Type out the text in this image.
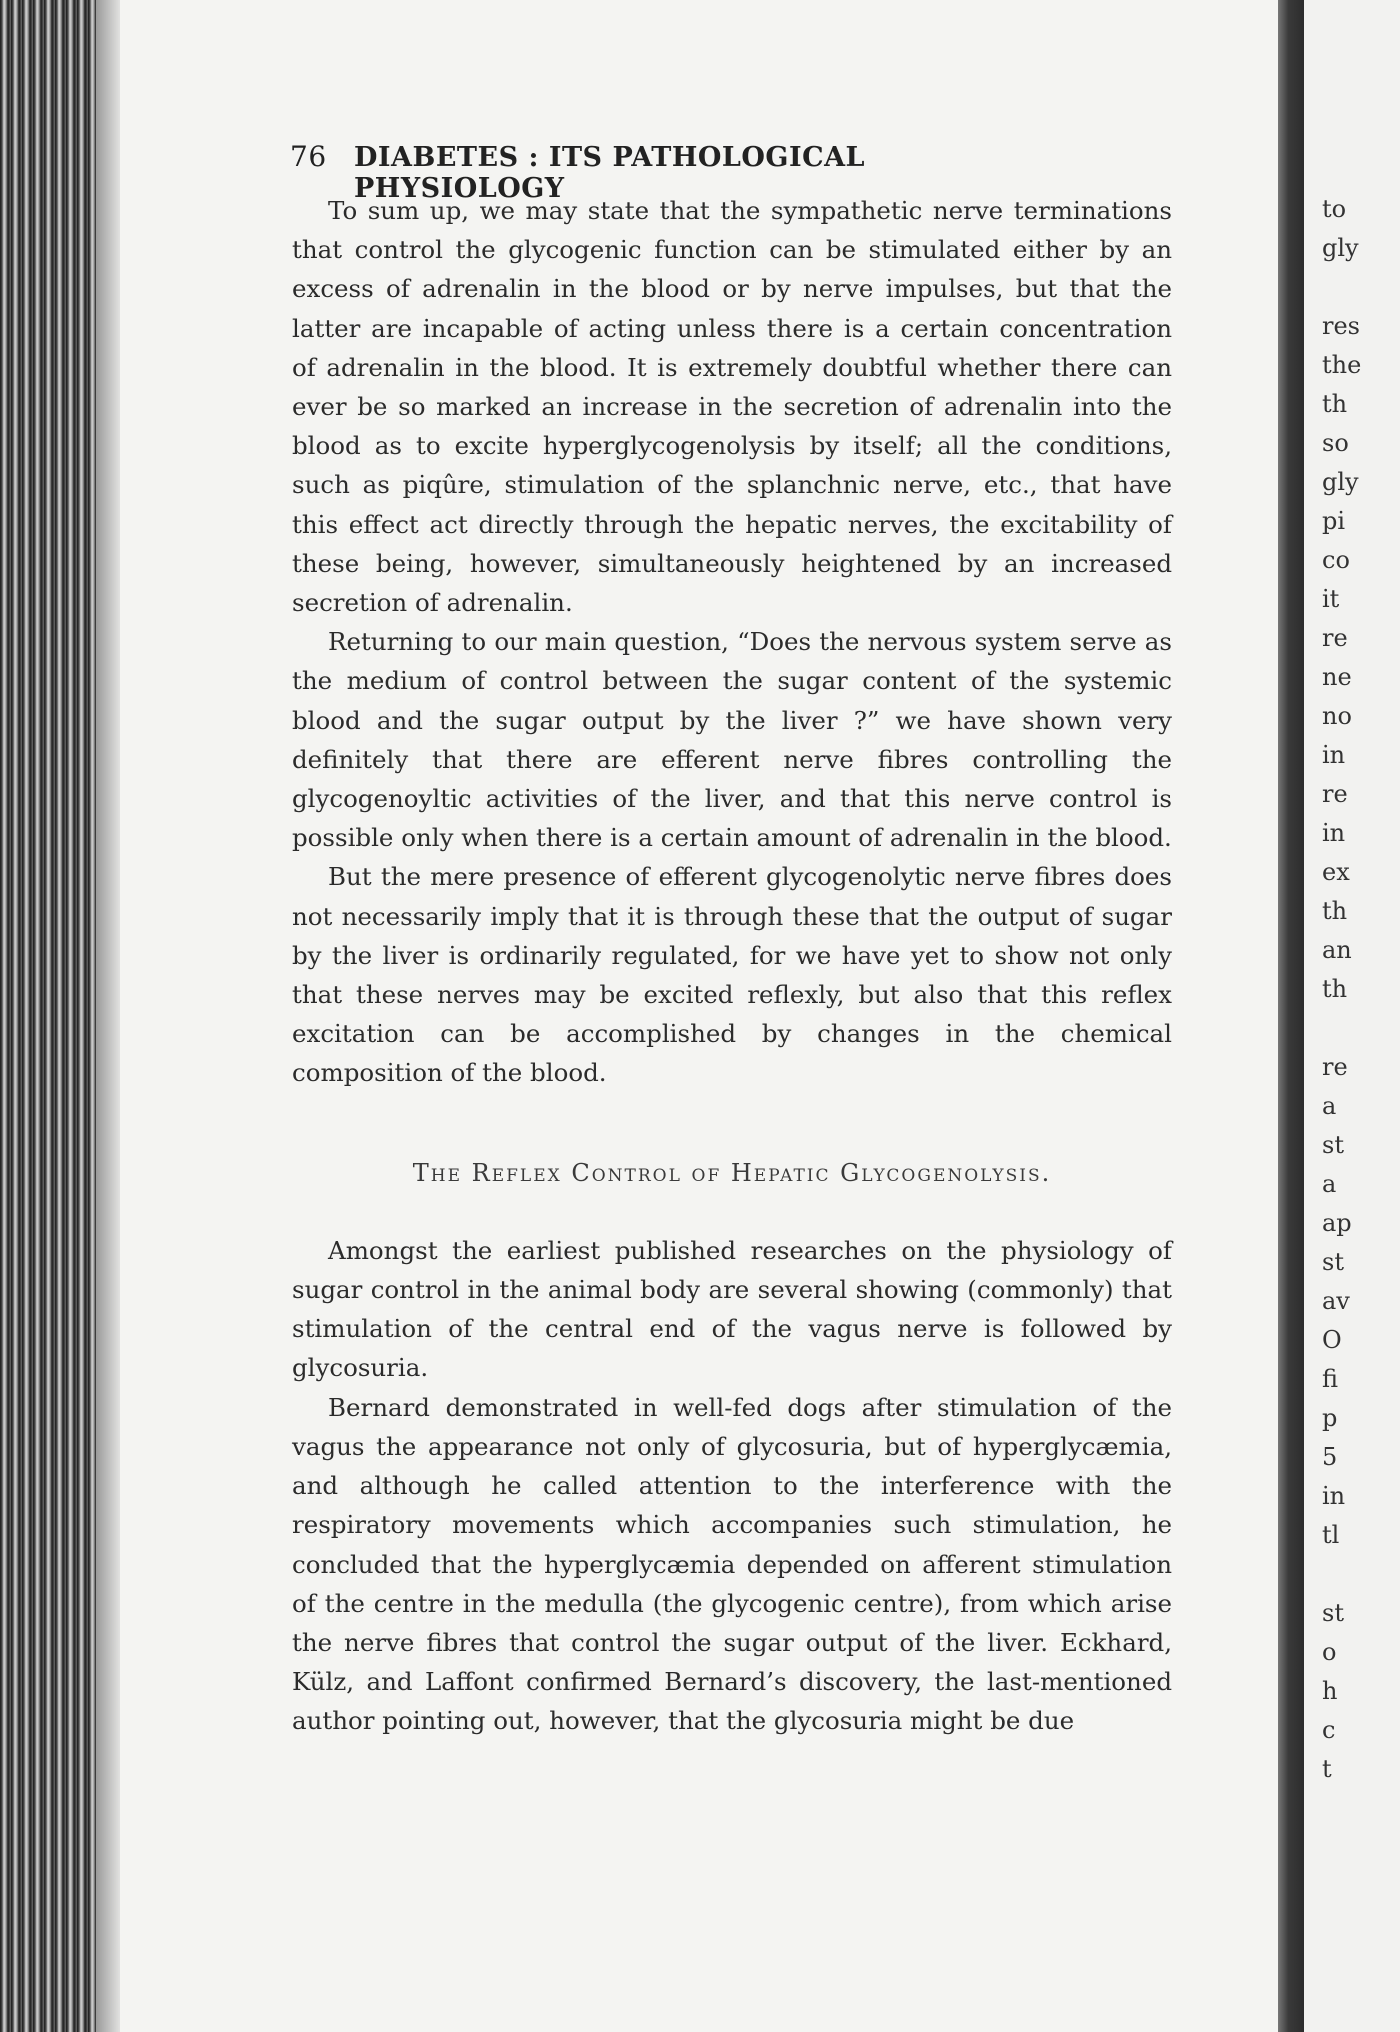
76	DIABETES : ITS PATHOLOGICAL PHYSIOLOGY

To sum up, we may state that the sympathetic nerve terminations that control the glycogenic function can be stimulated either by an excess of adrenalin in the blood or by nerve impulses, but that the latter are incapable of acting unless there is a certain concentration of adrenalin in the blood. It is extremely doubtful whether there can ever be so marked an increase in the secretion of adrenalin into the blood as to excite hyperglycogenolysis by itself; all the conditions, such as piqûre, stimulation of the splanchnic nerve, etc., that have this effect act directly through the hepatic nerves, the excitability of these being, however, simultaneously heightened by an increased secretion of adrenalin.

Returning to our main question, “Does the nervous system serve as the medium of control between the sugar content of the systemic blood and the sugar output by the liver ?” we have shown very definitely that there are efferent nerve fibres controlling the glycogenoyltic activities of the liver, and that this nerve control is possible only when there is a certain amount of adrenalin in the blood.

But the mere presence of efferent glycogenolytic nerve fibres does not necessarily imply that it is through these that the output of sugar by the liver is ordinarily regulated, for we have yet to show not only that these nerves may be excited reflexly, but also that this reflex excitation can be accomplished by changes in the chemical composition of the blood.

The Reflex Control of Hepatic Glycogenolysis.

Amongst the earliest published researches on the physiology of sugar control in the animal body are several showing (commonly) that stimulation of the central end of the vagus nerve is followed by glycosuria.

Bernard demonstrated in well-fed dogs after stimulation of the vagus the appearance not only of glycosuria, but of hyperglycæmia, and although he called attention to the interference with the respiratory movements which accompanies such stimulation, he concluded that the hyperglycæmia depended on afferent stimulation of the centre in the medulla (the glycogenic centre), from which arise the nerve fibres that control the sugar output of the liver. Eckhard, Külz, and Laffont confirmed Bernard’s discovery, the last-mentioned author pointing out, however, that the glycosuria might be due

to
gly
res
the
th
so
gly
pi
co
it
re
ne
no
in
re
in
ex
th
an
th
re
a
st
a
ap
st
av
O
fi
p
5
in
tl
st
o
h
c
t
